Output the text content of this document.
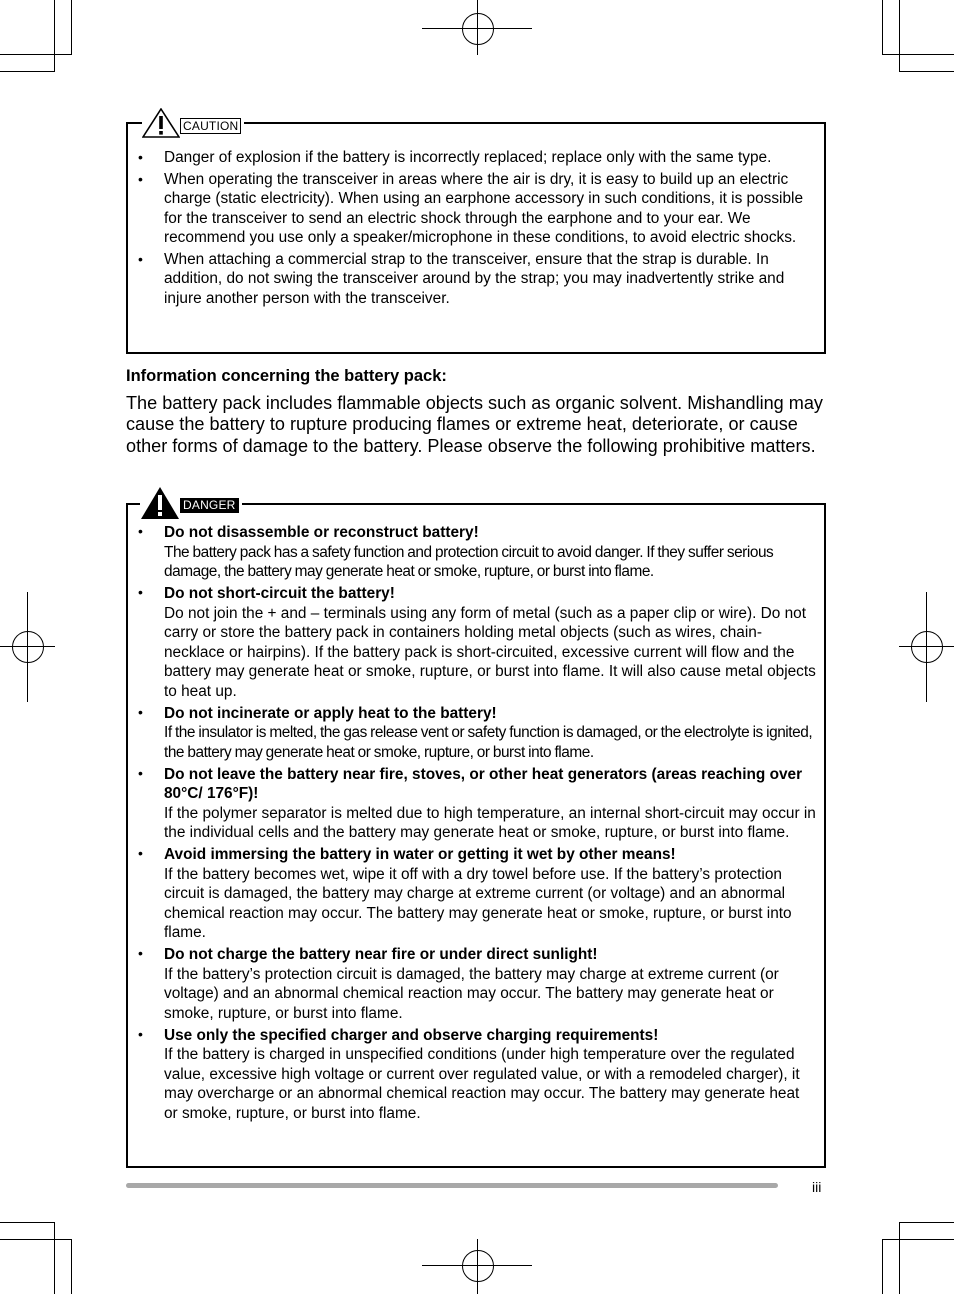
CAUTION
• Danger of explosion if the battery is incorrectly replaced; replace only with the same type.
• When operating the transceiver in areas where the air is dry, it is easy to build up an electric charge (static electricity). When using an earphone accessory in such conditions, it is possible for the transceiver to send an electric shock through the earphone and to your ear. We recommend you use only a speaker/microphone in these conditions, to avoid electric shocks.
• When attaching a commercial strap to the transceiver, ensure that the strap is durable. In addition, do not swing the transceiver around by the strap; you may inadvertently strike and injure another person with the transceiver.
Information concerning the battery pack:

The battery pack includes flammable objects such as organic solvent. Mishandling may cause the battery to rupture producing flames or extreme heat, deteriorate, or cause other forms of damage to the battery. Please observe the following prohibitive matters.

DANGER
• Do not disassemble or reconstruct battery!
The battery pack has a safety function and protection circuit to avoid danger. If they suffer serious damage, the battery may generate heat or smoke, rupture, or burst into flame.
• Do not short-circuit the battery!
Do not join the + and – terminals using any form of metal (such as a paper clip or wire). Do not carry or store the battery pack in containers holding metal objects (such as wires, chain-necklace or hairpins). If the battery pack is short-circuited, excessive current will flow and the battery may generate heat or smoke, rupture, or burst into flame. It will also cause metal objects to heat up.
• Do not incinerate or apply heat to the battery!
If the insulator is melted, the gas release vent or safety function is damaged, or the electrolyte is ignited, the battery may generate heat or smoke, rupture, or burst into flame.
• Do not leave the battery near fire, stoves, or other heat generators (areas reaching over 80°C/ 176°F)!
If the polymer separator is melted due to high temperature, an internal short-circuit may occur in the individual cells and the battery may generate heat or smoke, rupture, or burst into flame.
• Avoid immersing the battery in water or getting it wet by other means!
If the battery becomes wet, wipe it off with a dry towel before use. If the battery’s protection circuit is damaged, the battery may charge at extreme current (or voltage) and an abnormal chemical reaction may occur. The battery may generate heat or smoke, rupture, or burst into flame.
• Do not charge the battery near fire or under direct sunlight!
If the battery’s protection circuit is damaged, the battery may charge at extreme current (or voltage) and an abnormal chemical reaction may occur. The battery may generate heat or smoke, rupture, or burst into flame.
• Use only the specified charger and observe charging requirements!
If the battery is charged in unspecified conditions (under high temperature over the regulated value, excessive high voltage or current over regulated value, or with a remodeled charger), it may overcharge or an abnormal chemical reaction may occur. The battery may generate heat or smoke, rupture, or burst into flame.
iii
